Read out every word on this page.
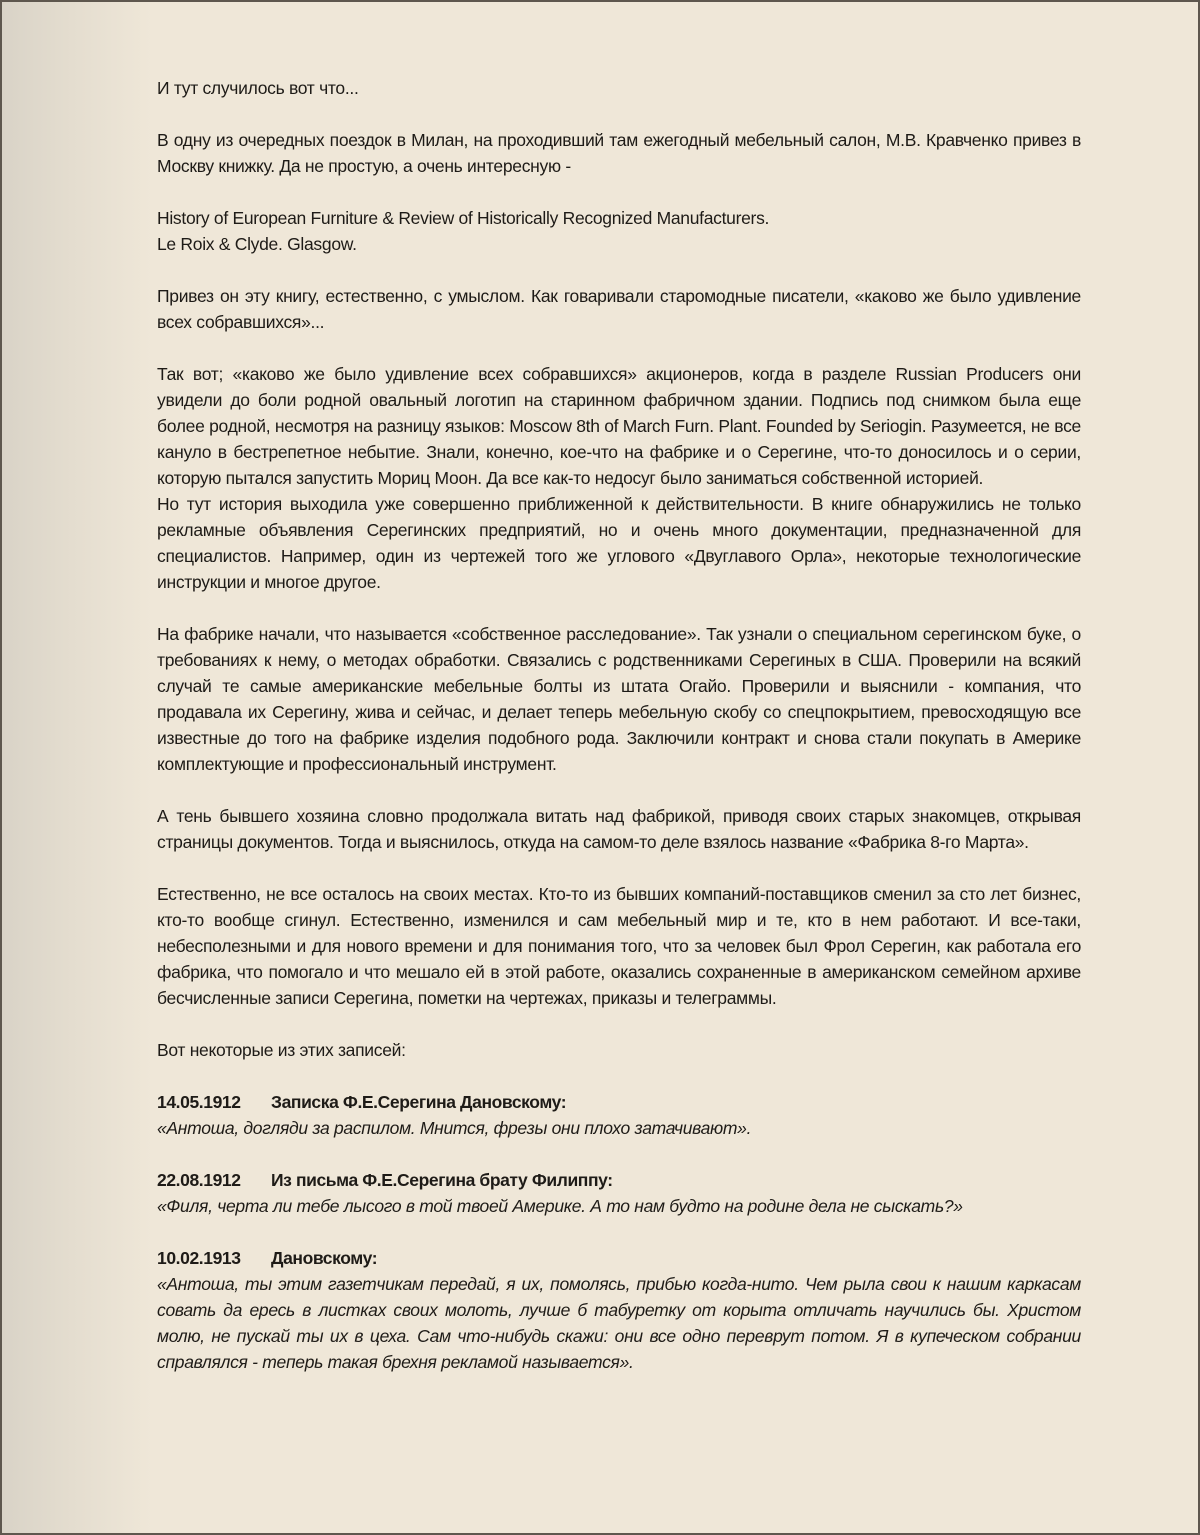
И тут случилось вот что...

В одну из очередных поездок в Милан, на проходивший там ежегодный мебельный салон, М.В. Кравченко привез в Москву книжку. Да не простую, а очень интересную -

History of European Furniture & Review of Historically Recognized Manufacturers.
Le Roix & Clyde. Glasgow.

Привез он эту книгу, естественно, с умыслом. Как говаривали старомодные писатели, «каково же было удивление всех собравшихся»...

Так вот; «каково же было удивление всех собравшихся» акционеров, когда в разделе Russian Producers они увидели до боли родной овальный логотип на старинном фабричном здании. Подпись под снимком была еще более родной, несмотря на разницу языков: Moscow 8th of March Furn. Plant. Founded by Seriogin. Разумеется, не все кануло в бестрепетное небытие. Знали, конечно, кое-что на фабрике и о Серегине, что-то доносилось и о серии, которую пытался запустить Мориц Моон. Да все как-то недосуг было заниматься собственной историей.

Но тут история выходила уже совершенно приближенной к действительности. В книге обнаружились не только рекламные объявления Серегинских предприятий, но и очень много документации, предназначенной для специалистов. Например, один из чертежей того же углового «Двуглавого Орла», некоторые технологические инструкции и многое другое.

На фабрике начали, что называется «собственное расследование». Так узнали о специальном серегинском буке, о требованиях к нему, о методах обработки. Связались с родственниками Серегиных в США. Проверили на всякий случай те самые американские мебельные болты из штата Огайо. Проверили и выяснили - компания, что продавала их Серегину, жива и сейчас, и делает теперь мебельную скобу со спецпокрытием, превосходящую все известные до того на фабрике изделия подобного рода. Заключили контракт и снова стали покупать в Америке комплектующие и профессиональный инструмент.

А тень бывшего хозяина словно продолжала витать над фабрикой, приводя своих старых знакомцев, открывая страницы документов. Тогда и выяснилось, откуда на самом-то деле взялось название «Фабрика 8-го Марта».

Естественно, не все осталось на своих местах. Кто-то из бывших компаний-поставщиков сменил за сто лет бизнес, кто-то вообще сгинул. Естественно, изменился и сам мебельный мир и те, кто в нем работают. И все-таки, небесполезными и для нового времени и для понимания того, что за человек был Фрол Серегин, как работала его фабрика, что помогало и что мешало ей в этой работе, оказались сохраненные в американском семейном архиве бесчисленные записи Серегина, пометки на чертежах, приказы и телеграммы.

Вот некоторые из этих записей:

14.05.1912 Записка Ф.Е.Серегина Дановскому:
«Антоша, догляди за распилом. Мнится, фрезы они плохо затачивают».
22.08.1912 Из письма Ф.Е.Серегина брату Филиппу:
«Филя, черта ли тебе лысого в той твоей Америке. А то нам будто на родине дела не сыскать?»
10.02.1913 Дановскому:
«Антоша, ты этим газетчикам передай, я их, помолясь, прибью когда-нито. Чем рыла свои к нашим каркасам совать да ересь в листках своих молоть, лучше б табуретку от корыта отличать научились бы. Христом молю, не пускай ты их в цеха. Сам что-нибудь скажи: они все одно переврут потом. Я в купеческом собрании справлялся - теперь такая брехня рекламой называется».
